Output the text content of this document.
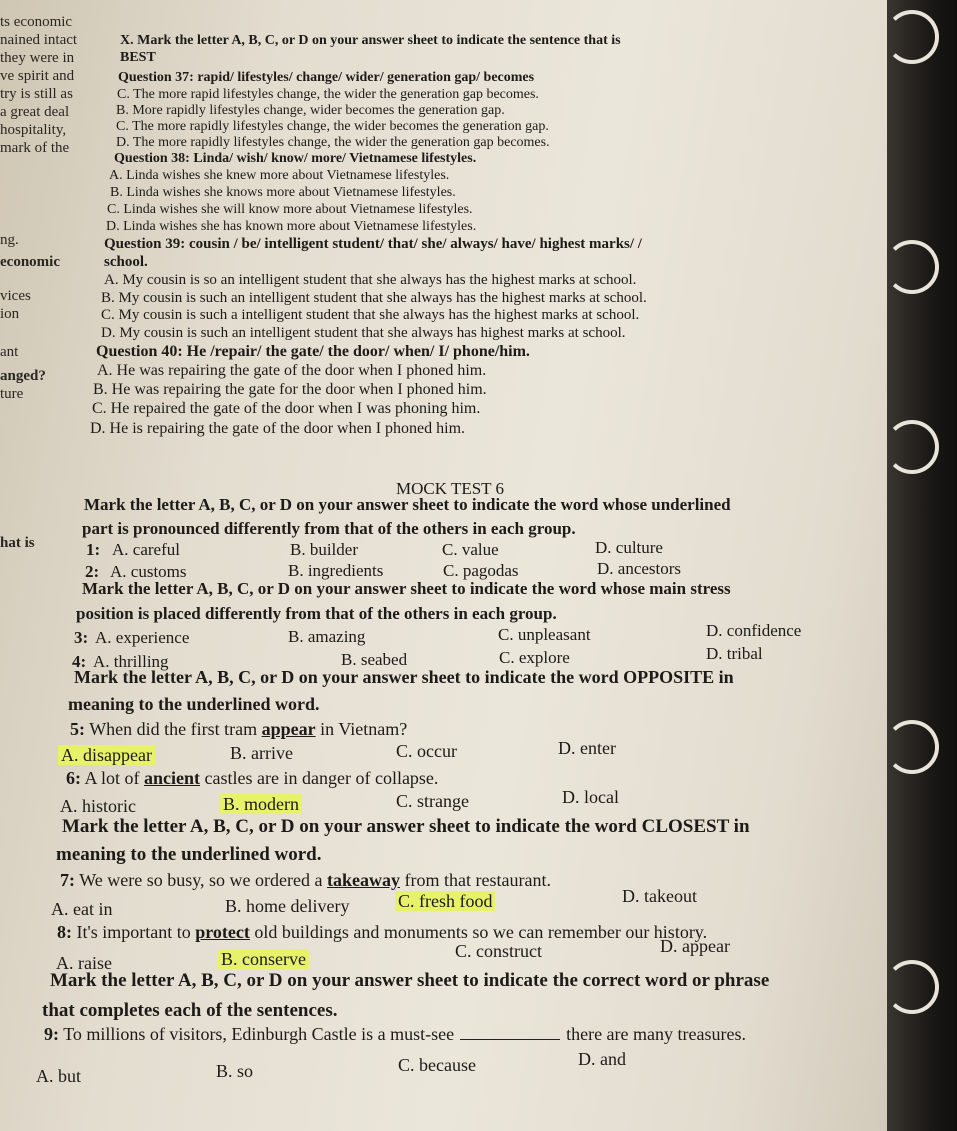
ts economic
nained intact
they were in
ve spirit and
try is still as
a great deal
hospitality,
mark of the
ng.
economic
vices
ion
ant
anged?
ture
hat is
X. Mark the letter A, B, C, or D on your answer sheet to indicate the sentence that is
BEST
Question 37: rapid/ lifestyles/ change/ wider/ generation gap/ becomes
C. The more rapid lifestyles change, the wider the generation gap becomes.
B. More rapidly lifestyles change, wider becomes the generation gap.
C. The more rapidly lifestyles change, the wider becomes the generation gap.
D. The more rapidly lifestyles change, the wider the generation gap becomes.
Question 38: Linda/ wish/ know/ more/ Vietnamese lifestyles.
A. Linda wishes she knew more about Vietnamese lifestyles.
B. Linda wishes she knows more about Vietnamese lifestyles.
C. Linda wishes she will know more about Vietnamese lifestyles.
D. Linda wishes she has known more about Vietnamese lifestyles.
Question 39: cousin / be/ intelligent student/ that/ she/ always/ have/ highest marks/ /
school.
A. My cousin is so an intelligent student that she always has the highest marks at school.
B. My cousin is such an intelligent student that she always has the highest marks at school.
C. My cousin is such a intelligent student that she always has the highest marks at school.
D. My cousin is such an intelligent student that she always has highest marks at school.
Question 40: He /repair/ the gate/ the door/ when/ I/ phone/him.
A. He was repairing the gate of the door when I phoned him.
B. He was repairing the gate for the door when I phoned him.
C. He repaired the gate of the door when I was phoning him.
D. He is repairing the gate of the door when I phoned him.
MOCK TEST 6
Mark the letter A, B, C, or D on your answer sheet to indicate the word whose underlined
part is pronounced differently from that of the others in each group.
1: A. careful	B. builder	C. value	D. culture
2: A. customs	B. ingredients	C. pagodas	D. ancestors
Mark the letter A, B, C, or D on your answer sheet to indicate the word whose main stress
position is placed differently from that of the others in each group.
3: A. experience	B. amazing	C. unpleasant	D. confidence
4: A. thrilling	B. seabed	C. explore	D. tribal
Mark the letter A, B, C, or D on your answer sheet to indicate the word OPPOSITE in
meaning to the underlined word.
5: When did the first tram appear in Vietnam?
A. disappear	B. arrive	C. occur	D. enter
6: A lot of ancient castles are in danger of collapse.
A. historic	B. modern	C. strange	D. local
Mark the letter A, B, C, or D on your answer sheet to indicate the word CLOSEST in
meaning to the underlined word.
7: We were so busy, so we ordered a takeaway from that restaurant.
A. eat in	B. home delivery	C. fresh food	D. takeout
8: It's important to protect old buildings and monuments so we can remember our history.
A. raise	B. conserve	C. construct	D. appear
Mark the letter A, B, C, or D on your answer sheet to indicate the correct word or phrase
that completes each of the sentences.
9: To millions of visitors, Edinburgh Castle is a must-see	there are many treasures.
A. but	B. so	C. because	D. and
